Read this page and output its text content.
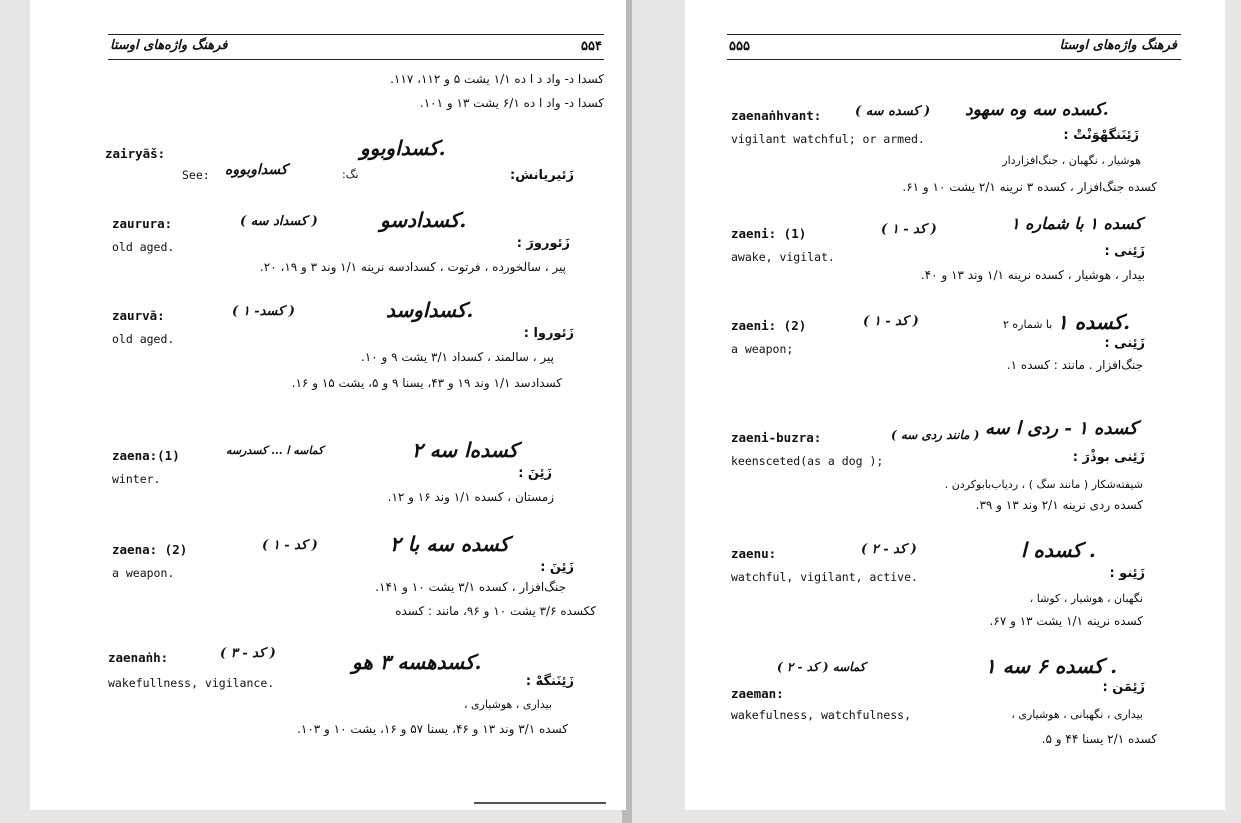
۵۵۴
فرهنگ واژه‌های اوستا
کسدا د- واد د ا ده ۱/۱ یشت ۵ و ۱۱۲، ۱۱۷.
کسدا د- واد ا ده ۶/۱ یشت ۱۳ و ۱۰۱.
zairyãš:	کسداوبوو.
See: کسداوبووه	نگ:	زَئیریانش:
zaurura:	( کسداد سه )	کسدادسو.
old aged.	زَئورورَ :
پیر ، سالخورده ، فرتوت ، کسدادسه نرینه ۱/۱ وند ۳ و ۱۹، ۲۰.
zaurvã:	( کسد- ۱ )	کسداوسد.
old aged.	زَئوروا :
پیر ، سالمند ، کسداد ۳/۱ یشت ۹ و ۱۰.
کسدادسد ۱/۱ وند ۱۹ و ۴۳، یسنا ۹ و ۵، یشت ۱۵ و ۱۶.
zaena:(1)	کماسه ا ... کسدرسه	کسده‌ا سه ۲
winter.	زَئِنَ :
زمستان ، کسده ۱/۱ وند ۱۶ و ۱۲.
zaena: (2)	( کد - ۱ )	کسده سه با ۲
a weapon.	زَئِنَ :
جنگ‌افزار ، کسده ۳/۱ یشت ۱۰ و ۱۴۱.
ککسده ۳/۶ یشت ۱۰ و ۹۶، مانند : کسده
zaenaṅh:	( کد - ۳ )	کسدهسه ۳ هو.
wakefullness, vigilance.	زَئِنَنگهْ :
بیداری ، هوشیاری ،
کسده ۳/۱ وند ۱۳ و ۴۶، یسنا ۵۷ و ۱۶، یشت ۱۰ و ۱۰۳.
۵۵۵	فرهنگ واژه‌های اوستا
zaenaṅhvant:	( کسده سه ) کسده سه وه سهود.
vigilant watchful; or armed.	زَئِنَنگهْوَنْتْ :
هوشیار ، نگهبان ، جنگ‌افزاردار
کسده جنگ‌افزار ، کسده ۳ نرینه ۲/۱ یشت ۱۰ و ۶۱.
zaeni: (1)	( کد - ۱ )	کسده ۱ با شماره ۱
awake, vigilat.	زَئِنی :
بیدار ، هوشیار ، کسده نرینه ۱/۱ وند ۱۳ و ۴۰.
zaeni: (2)	( کد - ۱ )	با شماره ۲ کسده ۱.
a weapon;	زَئِنی :
جنگ‌افزار . مانند : کسده ۱.
zaeni-buzra:	( مانند ردی سه ) کسده ۱ - ردی ا سه
keensceted(as a dog );	زَئِنی بوذْرَ :
شیفته‌شکار ( مانند سگ ) ، ردیاب‌بابوکردن .
کسده ردی نرینه ۲/۱ وند ۱۳ و ۳۹.
zaenu:	( کد - ۲ )	کسده ا .
watchful, vigilant, active.	زَئِنو :
نگهبان ، هوشیار ، کوشا ،
کسده نرینه ۱/۱ یشت ۱۳ و ۶۷.
کماسه ( کد - ۲ )	کسده ۶ سه ۱ .
zaeman:	زَئِمَن :
wakefulness, watchfulness,	بیداری ، نگهبانی ، هوشیاری ،
کسده ۲/۱ یسنا ۴۴ و ۵.
